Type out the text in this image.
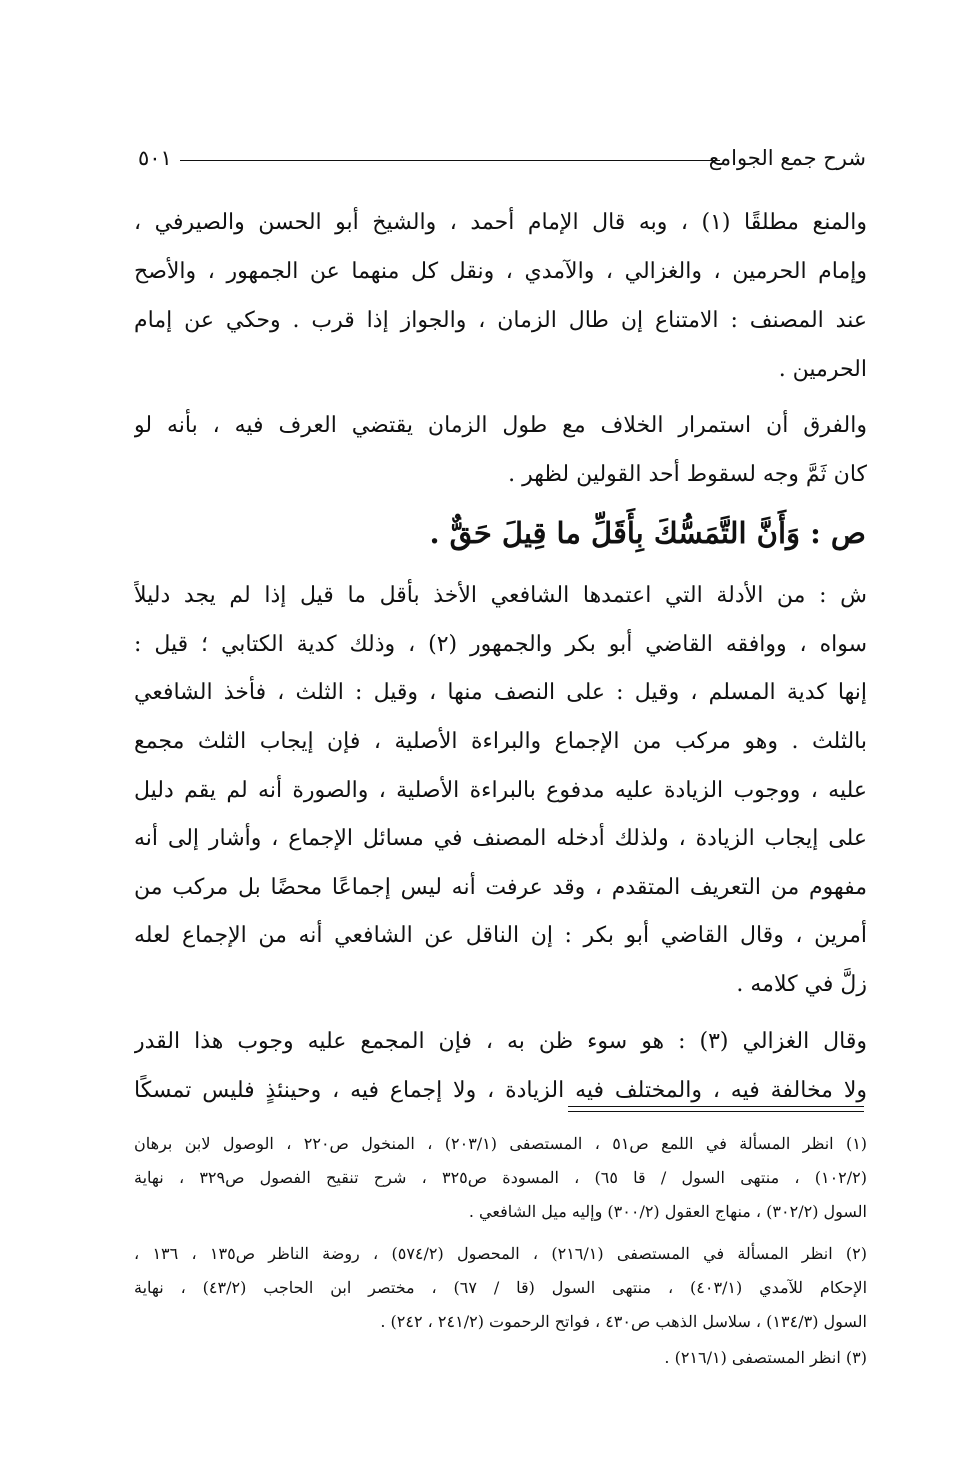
شرح جمع الجوامع
٥٠١
والمنع مطلقًا (١) ، وبه قال الإمام أحمد ، والشيخ أبو الحسن والصيرفي ،
وإمام الحرمين ، والغزالي ، والآمدي ، ونقل كل منهما عن الجمهور ، والأصح
عند المصنف : الامتناع إن طال الزمان ، والجواز إذا قرب . وحكي عن إمام
الحرمين .
والفرق أن استمرار الخلاف مع طول الزمان يقتضي العرف فيه ، بأنه لو
كان ثَمَّ وجه لسقوط أحد القولين لظهر .
ص : وَأَنَّ التَّمَسُّكَ بِأَقَلِّ ما قِيلَ حَقٌّ .
ش : من الأدلة التي اعتمدها الشافعي الأخذ بأقل ما قيل إذا لم يجد دليلاً
سواه ، ووافقه القاضي أبو بكر والجمهور (٢) ، وذلك كدية الكتابي ؛ قيل :
إنها كدية المسلم ، وقيل : على النصف منها ، وقيل : الثلث ، فأخذ الشافعي
بالثلث . وهو مركب من الإجماع والبراءة الأصلية ، فإن إيجاب الثلث مجمع
عليه ، ووجوب الزيادة عليه مدفوع بالبراءة الأصلية ، والصورة أنه لم يقم دليل
على إيجاب الزيادة ، ولذلك أدخله المصنف في مسائل الإجماع ، وأشار إلى أنه
مفهوم من التعريف المتقدم ، وقد عرفت أنه ليس إجماعًا محضًا بل مركب من
أمرين ، وقال القاضي أبو بكر : إن الناقل عن الشافعي أنه من الإجماع لعله
زلَّ في كلامه .
وقال الغزالي (٣) : هو سوء ظن به ، فإن المجمع عليه وجوب هذا القدر
ولا مخالفة فيه ، والمختلف فيه الزيادة ، ولا إجماع فيه ، وحينئذٍ فليس تمسكًا
(١) انظر المسألة في اللمع ص٥١ ، المستصفى (٢٠٣/١) ، المنخول ص٢٢٠ ، الوصول لابن برهان
(١٠٢/٢) ، منتهى السول / قا ٦٥) ، المسودة ص٣٢٥ ، شرح تنقيح الفصول ص٣٢٩ ، نهاية
السول (٣٠٢/٢) ، منهاج العقول (٣٠٠/٢) وإليه ميل الشافعي .
(٢) انظر المسألة في المستصفى (٢١٦/١) ، المحصول (٥٧٤/٢) ، روضة الناظر ص١٣٥ ، ١٣٦ ،
الإحكام للآمدي (٤٠٣/١) ، منتهى السول (قا / ٦٧) ، مختصر ابن الحاجب (٤٣/٢) ، نهاية
السول (١٣٤/٣) ، سلاسل الذهب ص٤٣٠ ، فواتح الرحموت (٢٤١/٢ ، ٢٤٢) .
(٣) انظر المستصفى (٢١٦/١) .
